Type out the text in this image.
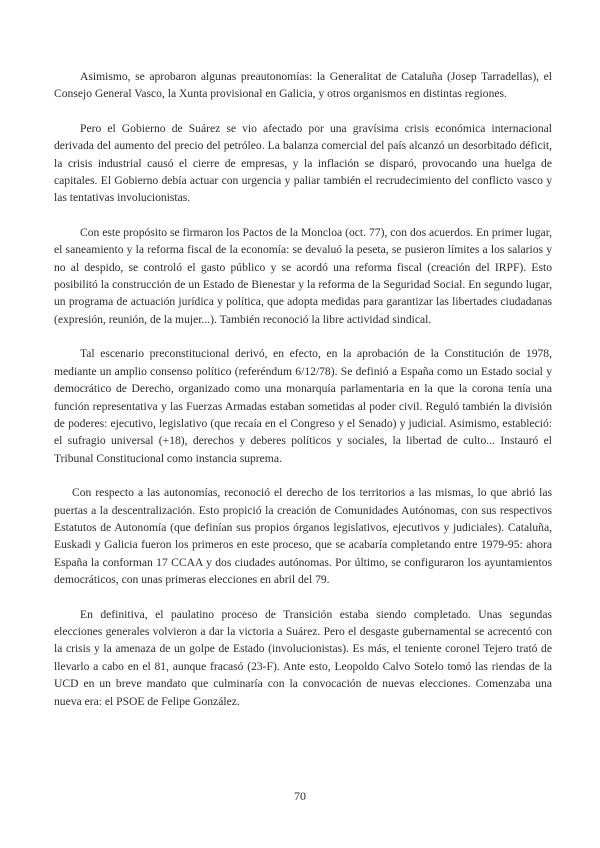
Asimismo, se aprobaron algunas preautonomías: la Generalitat de Cataluña (Josep Tarradellas), el Consejo General Vasco, la Xunta provisional en Galicia, y otros organismos en distintas regiones.

Pero el Gobierno de Suárez se vio afectado por una gravísima crisis económica internacional derivada del aumento del precio del petróleo. La balanza comercial del país alcanzó un desorbitado déficit, la crisis industrial causó el cierre de empresas, y la inflación se disparó, provocando una huelga de capitales. El Gobierno debía actuar con urgencia y paliar también el recrudecimiento del conflicto vasco y las tentativas involucionistas.

Con este propósito se firmaron los Pactos de la Moncloa (oct. 77), con dos acuerdos. En primer lugar, el saneamiento y la reforma fiscal de la economía: se devaluó la peseta, se pusieron límites a los salarios y no al despido, se controló el gasto público y se acordó una reforma fiscal (creación del IRPF). Esto posibilitó la construcción de un Estado de Bienestar y la reforma de la Seguridad Social. En segundo lugar, un programa de actuación jurídica y política, que adopta medidas para garantizar las libertades ciudadanas (expresión, reunión, de la mujer...). También reconoció la libre actividad sindical.

Tal escenario preconstitucional derivó, en efecto, en la aprobación de la Constitución de 1978, mediante un amplio consenso político (referéndum 6/12/78). Se definió a España como un Estado social y democrático de Derecho, organizado como una monarquía parlamentaria en la que la corona tenía una función representativa y las Fuerzas Armadas estaban sometidas al poder civil. Reguló también la división de poderes: ejecutivo, legislativo (que recaía en el Congreso y el Senado) y judicial. Asimismo, estableció: el sufragio universal (+18), derechos y deberes políticos y sociales, la libertad de culto... Instauró el Tribunal Constitucional como instancia suprema.

Con respecto a las autonomías, reconoció el derecho de los territorios a las mismas, lo que abrió las puertas a la descentralización. Esto propició la creación de Comunidades Autónomas, con sus respectivos Estatutos de Autonomía (que definían sus propios órganos legislativos, ejecutivos y judiciales). Cataluña, Euskadi y Galicia fueron los primeros en este proceso, que se acabaría completando entre 1979-95: ahora España la conforman 17 CCAA y dos ciudades autónomas. Por último, se configuraron los ayuntamientos democráticos, con unas primeras elecciones en abril del 79.

En definitiva, el paulatino proceso de Transición estaba siendo completado. Unas segundas elecciones generales volvieron a dar la victoria a Suárez. Pero el desgaste gubernamental se acrecentó con la crisis y la amenaza de un golpe de Estado (involucionistas). Es más, el teniente coronel Tejero trató de llevarlo a cabo en el 81, aunque fracasó (23-F). Ante esto, Leopoldo Calvo Sotelo tomó las riendas de la UCD en un breve mandato que culminaría con la convocación de nuevas elecciones. Comenzaba una nueva era: el PSOE de Felipe González.

70
